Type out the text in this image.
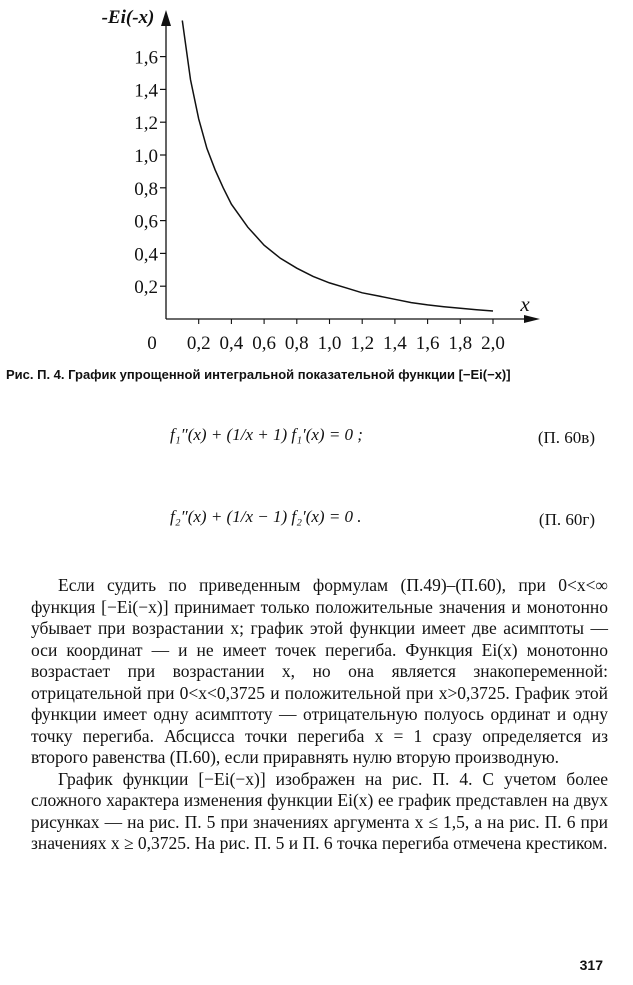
0,2
0,4
0,6
0,8
1,0
1,2
1,4
1,6
0,2 0,4 0,6 0,8 1,0 1,2 1,4 1,6 1,8 2,0
0
-Ei(-x)
x
Рис. П. 4. График упрощенной интегральной показательной функции [−Ei(−x)]
f₁″(x) + (1/x + 1) f₁′(x) = 0 ;	(П. 60в)
f₂″(x) + (1/x − 1) f₂′(x) = 0 .	(П. 60г)

Если судить по приведенным формулам (П.49)–(П.60), при 0<x<∞ функция [−Ei(−x)] принимает только положительные значения и монотонно убывает при возрастании x; график этой функции имеет две асимптоты — оси координат — и не имеет точек перегиба. Функция Ei(x) монотонно возрастает при возрастании x, но она является знакопеременной: отрицательной при 0<x<0,3725 и положительной при x>0,3725. График этой функции имеет одну асимптоту — отрицательную полуось ординат и одну точку перегиба. Абсцисса точки перегиба x = 1 сразу определяется из второго равенства (П.60), если приравнять нулю вторую производную.

График функции [−Ei(−x)] изображен на рис. П. 4. С учетом более сложного характера изменения функции Ei(x) ее график представлен на двух рисунках — на рис. П. 5 при значениях аргумента x ≤ 1,5, а на рис. П. 6 при значениях x ≥ 0,3725. На рис. П. 5 и П. 6 точка перегиба отмечена крестиком.

317
